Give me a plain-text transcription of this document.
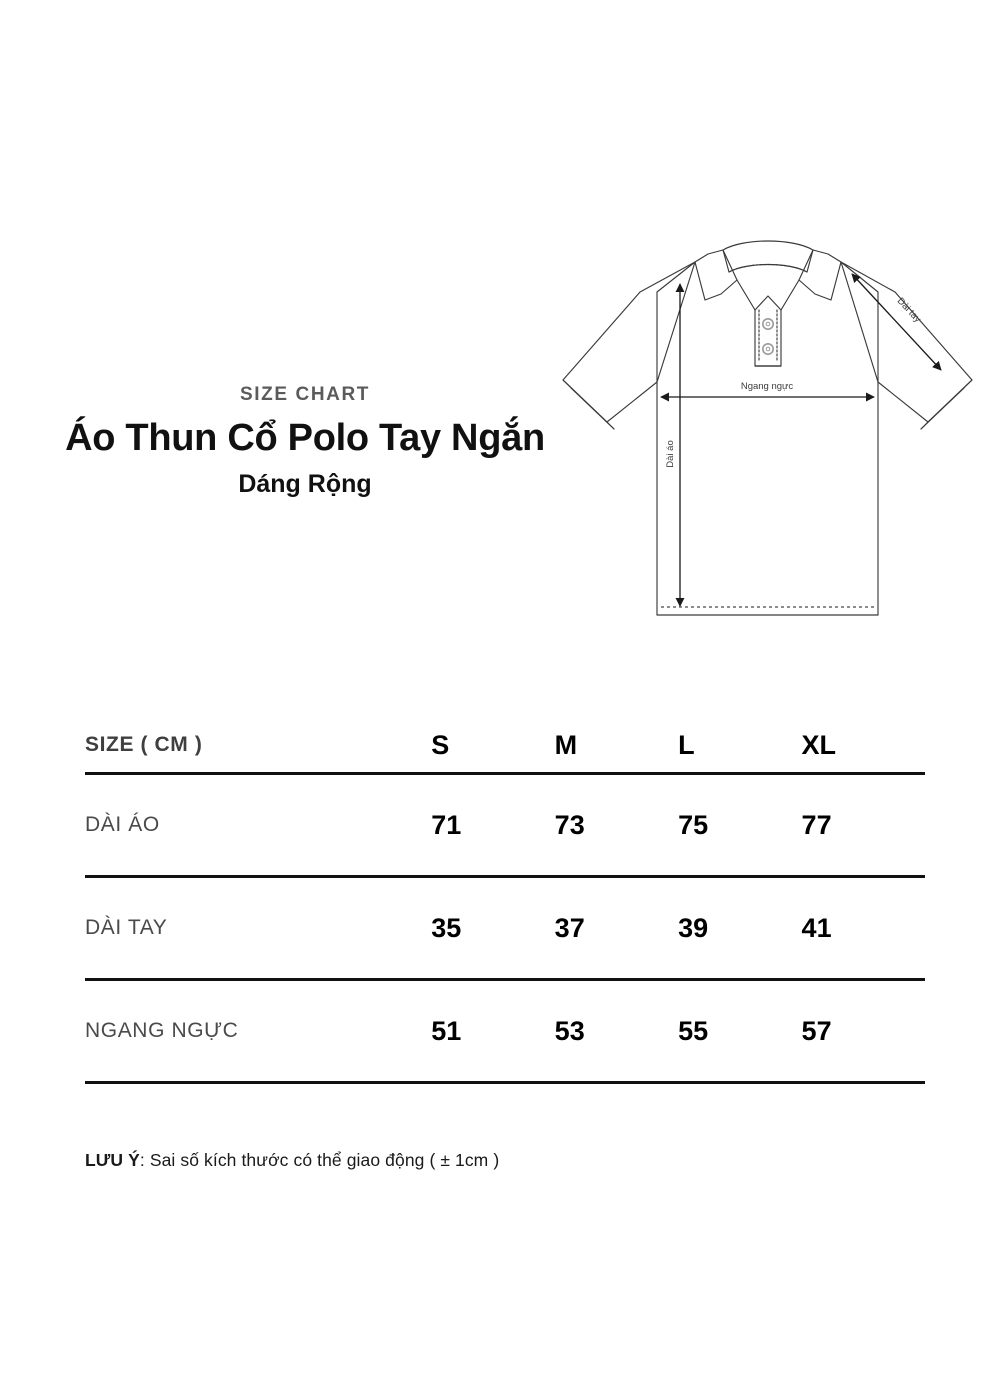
SIZE CHART

Áo Thun Cổ Polo Tay Ngắn
Dáng Rộng
Ngang ngực
Dài áo
Dài tay
SIZE ( CM )	S	M	L	XL
DÀI ÁO	71	73	75	77
DÀI TAY	35	37	39	41
NGANG NGỰC	51	53	55	57

LƯU Ý: Sai số kích thước có thể giao động ( ± 1cm )
